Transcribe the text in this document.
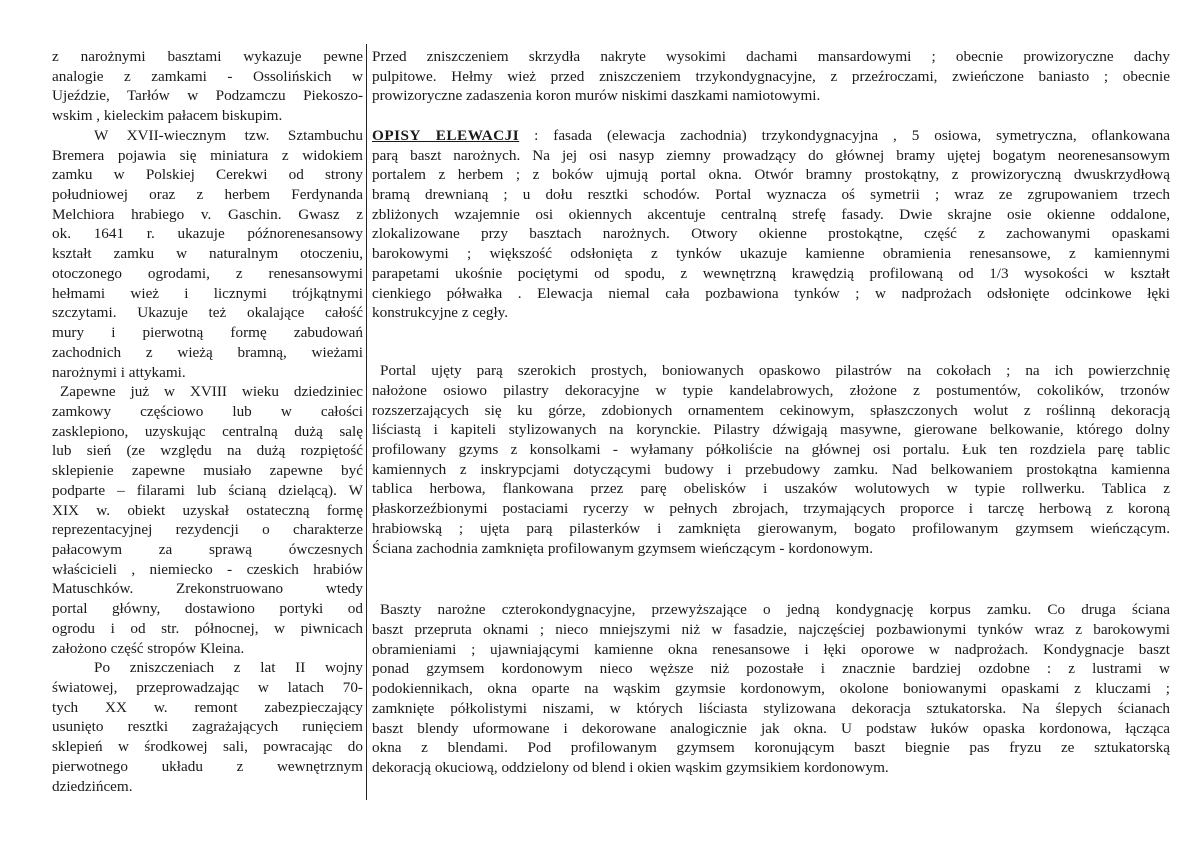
z narożnymi basztami wykazuje pewne
analogie z zamkami - Ossolińskich w
Ujeździe, Tarłów w Podzamczu Piekoszo-
wskim , kieleckim pałacem biskupim.
W XVII-wiecznym tzw. Sztambuchu
Bremera pojawia się miniatura z widokiem
zamku w Polskiej Cerekwi od strony
południowej oraz z herbem Ferdynanda
Melchiora hrabiego v. Gaschin. Gwasz z
ok. 1641 r. ukazuje późnorenesansowy
kształt zamku w naturalnym otoczeniu,
otoczonego ogrodami, z renesansowymi
hełmami wież i licznymi trójkątnymi
szczytami. Ukazuje też okalające całość
mury i pierwotną formę zabudowań
zachodnich z wieżą bramną, wieżami
narożnymi i attykami.
Zapewne już w XVIII wieku dziedziniec
zamkowy częściowo lub w całości
zasklepiono, uzyskując centralną dużą salę
lub sień (ze względu na dużą rozpiętość
sklepienie zapewne musiało zapewne być
podparte – filarami lub ścianą dzielącą). W
XIX w. obiekt uzyskał ostateczną formę
reprezentacyjnej rezydencji o charakterze
pałacowym za sprawą ówczesnych
właścicieli , niemiecko - czeskich hrabiów
Matuschków. Zrekonstruowano wtedy
portal główny, dostawiono portyki od
ogrodu i od str. północnej, w piwnicach
założono część stropów Kleina.
Po zniszczeniach z lat II wojny
światowej, przeprowadzając w latach 70-
tych XX w. remont zabezpieczający
usunięto resztki zagrażających runięciem
sklepień w środkowej sali, powracając do
pierwotnego układu z wewnętrznym
dziedzińcem.
Przed zniszczeniem skrzydła nakryte wysokimi dachami mansardowymi ; obecnie prowizoryczne dachy
pulpitowe. Hełmy wież przed zniszczeniem trzykondygnacyjne, z przeźroczami, zwieńczone baniasto ; obecnie
prowizoryczne zadaszenia koron murów niskimi daszkami namiotowymi.
OPISY ELEWACJI : fasada (elewacja zachodnia) trzykondygnacyjna , 5 osiowa, symetryczna, oflankowana
parą baszt narożnych. Na jej osi nasyp ziemny prowadzący do głównej bramy ujętej bogatym neorenesansowym
portalem z herbem ; z boków ujmują portal okna. Otwór bramny prostokątny, z prowizoryczną dwuskrzydłową
bramą drewnianą ; u dołu resztki schodów. Portal wyznacza oś symetrii ; wraz ze zgrupowaniem trzech
zbliżonych wzajemnie osi okiennych akcentuje centralną strefę fasady. Dwie skrajne osie okienne oddalone,
zlokalizowane przy basztach narożnych. Otwory okienne prostokątne, część z zachowanymi opaskami
barokowymi ; większość odsłonięta z tynków ukazuje kamienne obramienia renesansowe, z kamiennymi
parapetami ukośnie pociętymi od spodu, z wewnętrzną krawędzią profilowaną od 1/3 wysokości w kształt
cienkiego półwałka . Elewacja niemal cała pozbawiona tynków ; w nadprożach odsłonięte odcinkowe łęki
konstrukcyjne z cegły.
Portal ujęty parą szerokich prostych, boniowanych opaskowo pilastrów na cokołach ; na ich powierzchnię
nałożone osiowo pilastry dekoracyjne w typie kandelabrowych, złożone z postumentów, cokolików, trzonów
rozszerzających się ku górze, zdobionych ornamentem cekinowym, spłaszczonych wolut z roślinną dekoracją
liściastą i kapiteli stylizowanych na korynckie. Pilastry dźwigają masywne, gierowane belkowanie, którego dolny
profilowany gzyms z konsolkami - wyłamany półkoliście na głównej osi portalu. Łuk ten rozdziela parę tablic
kamiennych z inskrypcjami dotyczącymi budowy i przebudowy zamku. Nad belkowaniem prostokątna kamienna
tablica herbowa, flankowana przez parę obelisków i uszaków wolutowych w typie rollwerku. Tablica z
płaskorzeźbionymi postaciami rycerzy w pełnych zbrojach, trzymających proporce i tarczę herbową z koroną
hrabiowską ; ujęta parą pilasterków i zamknięta gierowanym, bogato profilowanym gzymsem wieńczącym.
Ściana zachodnia zamknięta profilowanym gzymsem wieńczącym - kordonowym.
Baszty narożne czterokondygnacyjne, przewyższające o jedną kondygnację korpus zamku. Co druga ściana
baszt przepruta oknami ; nieco mniejszymi niż w fasadzie, najczęściej pozbawionymi tynków wraz z barokowymi
obramieniami ; ujawniającymi kamienne okna renesansowe i łęki oporowe w nadprożach. Kondygnacje baszt
ponad gzymsem kordonowym nieco węższe niż pozostałe i znacznie bardziej ozdobne : z lustrami w
podokiennikach, okna oparte na wąskim gzymsie kordonowym, okolone boniowanymi opaskami z kluczami ;
zamknięte półkolistymi niszami, w których liściasta stylizowana dekoracja sztukatorska. Na ślepych ścianach
baszt blendy uformowane i dekorowane analogicznie jak okna. U podstaw łuków opaska kordonowa, łącząca
okna z blendami. Pod profilowanym gzymsem koronującym baszt biegnie pas fryzu ze sztukatorską
dekoracją okuciową, oddzielony od blend i okien wąskim gzymsikiem kordonowym.
